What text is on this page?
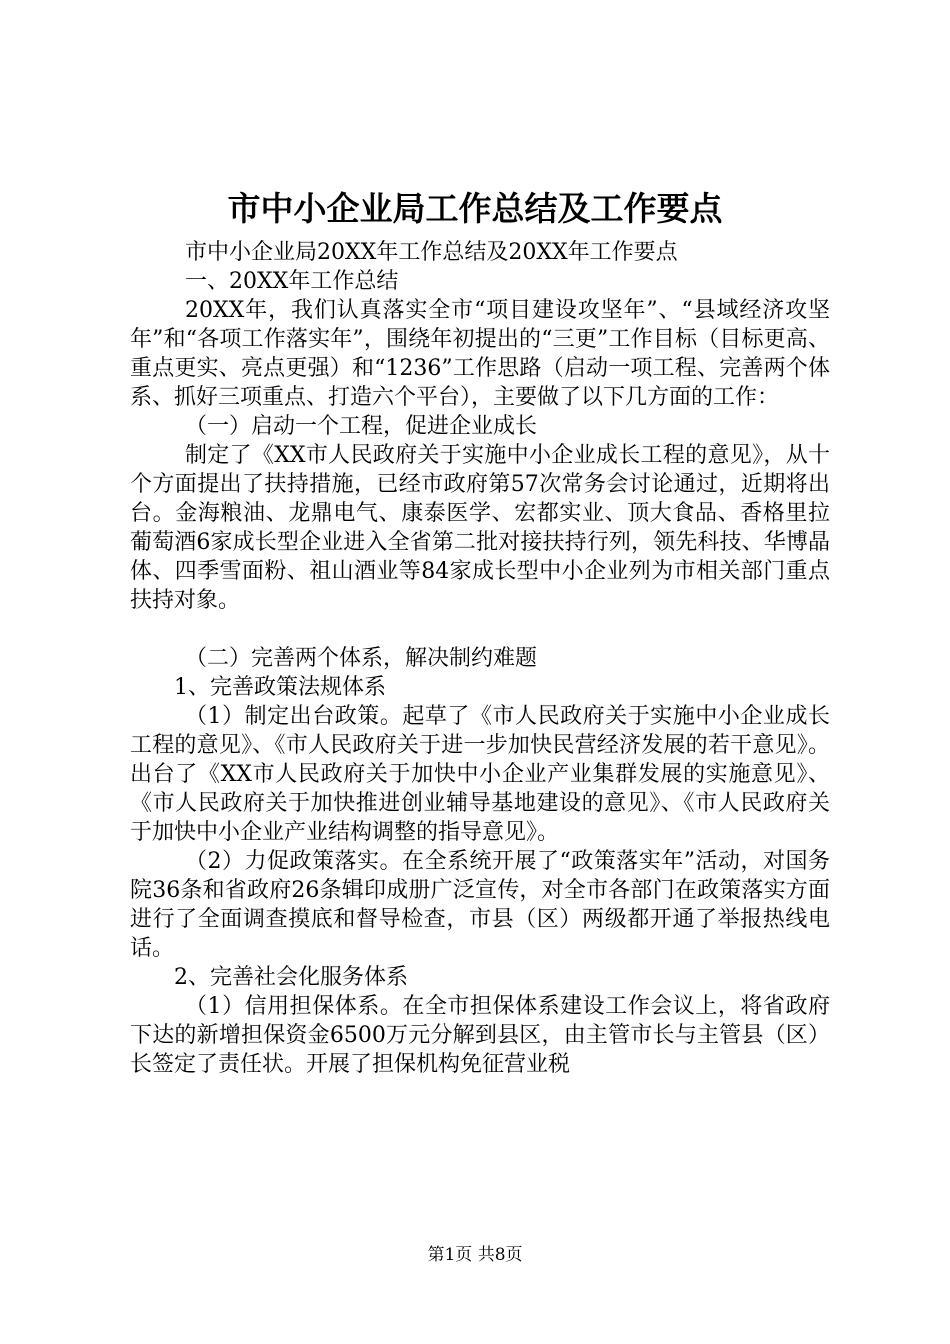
市中小企业局工作总结及工作要点

市中小企业局20XX年工作总结及20XX年工作要点

一、20XX年工作总结

20XX年，我们认真落实全市“项目建设攻坚年”、“县域经济攻坚年”和“各项工作落实年”，围绕年初提出的“三更”工作目标（目标更高、重点更实、亮点更强）和“1236”工作思路（启动一项工程、完善两个体系、抓好三项重点、打造六个平台），主要做了以下几方面的工作：

（一）启动一个工程，促进企业成长

制定了《XX市人民政府关于实施中小企业成长工程的意见》，从十个方面提出了扶持措施，已经市政府第57次常务会讨论通过，近期将出台。金海粮油、龙鼎电气、康泰医学、宏都实业、顶大食品、香格里拉葡萄酒6家成长型企业进入全省第二批对接扶持行列，领先科技、华博晶体、四季雪面粉、祖山酒业等84家成长型中小企业列为市相关部门重点扶持对象。

（二）完善两个体系，解决制约难题

1、完善政策法规体系

（1）制定出台政策。起草了《市人民政府关于实施中小企业成长工程的意见》、《市人民政府关于进一步加快民营经济发展的若干意见》。出台了《XX市人民政府关于加快中小企业产业集群发展的实施意见》、《市人民政府关于加快推进创业辅导基地建设的意见》、《市人民政府关于加快中小企业产业结构调整的指导意见》。

（2）力促政策落实。在全系统开展了“政策落实年”活动，对国务院36条和省政府26条辑印成册广泛宣传，对全市各部门在政策落实方面进行了全面调查摸底和督导检查，市县（区）两级都开通了举报热线电话。

2、完善社会化服务体系

（1）信用担保体系。在全市担保体系建设工作会议上，将省政府下达的新增担保资金6500万元分解到县区，由主管市长与主管县（区）长签定了责任状。开展了担保机构免征营业税

第1页 共8页
